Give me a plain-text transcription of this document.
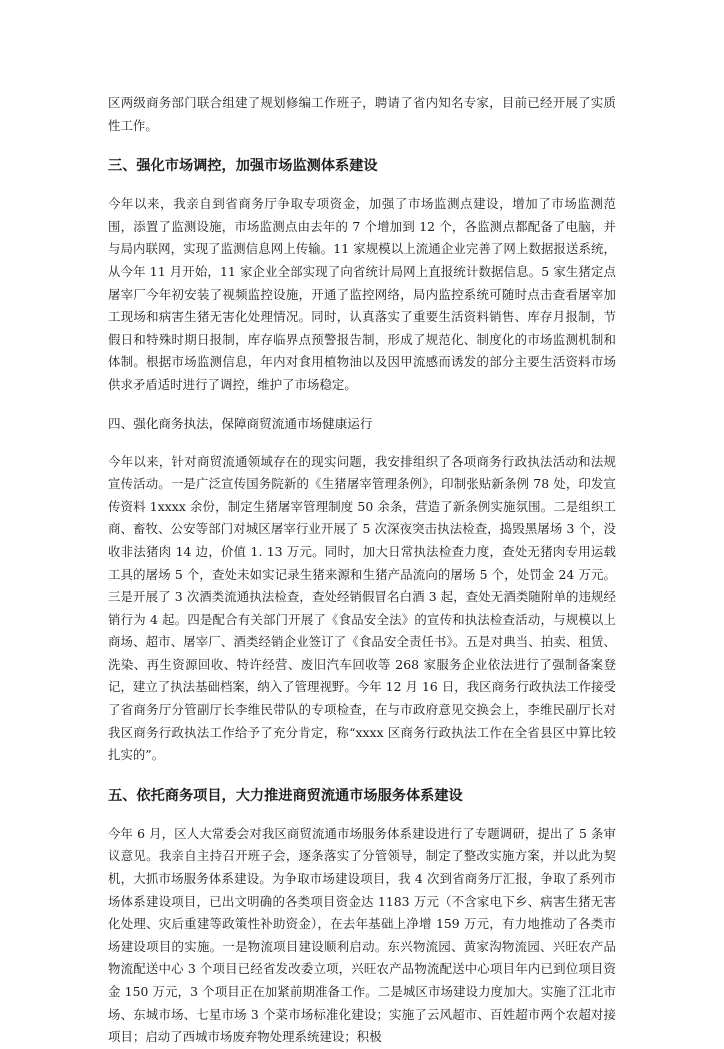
区两级商务部门联合组建了规划修编工作班子，聘请了省内知名专家，目前已经开展了实质性工作。

三、强化市场调控，加强市场监测体系建设

今年以来，我亲自到省商务厅争取专项资金，加强了市场监测点建设，增加了市场监测范围，添置了监测设施，市场监测点由去年的 7 个增加到 12 个，各监测点都配备了电脑，并与局内联网，实现了监测信息网上传输。11 家规模以上流通企业完善了网上数据报送系统，从今年 11 月开始，11 家企业全部实现了向省统计局网上直报统计数据信息。5 家生猪定点屠宰厂今年初安装了视频监控设施，开通了监控网络，局内监控系统可随时点击查看屠宰加工现场和病害生猪无害化处理情况。同时，认真落实了重要生活资料销售、库存月报制，节假日和特殊时期日报制，库存临界点预警报告制，形成了规范化、制度化的市场监测机制和体制。根据市场监测信息，年内对食用植物油以及因甲流感而诱发的部分主要生活资料市场供求矛盾适时进行了调控，维护了市场稳定。

四、强化商务执法，保障商贸流通市场健康运行

今年以来，针对商贸流通领域存在的现实问题，我安排组织了各项商务行政执法活动和法规宣传活动。一是广泛宣传国务院新的《生猪屠宰管理条例》，印制张贴新条例 78 处，印发宣传资料 1xxxx 余份，制定生猪屠宰管理制度 50 余条，营造了新条例实施氛围。二是组织工商、畜牧、公安等部门对城区屠宰行业开展了 5 次深夜突击执法检查，捣毁黑屠场 3 个，没收非法猪肉 14 边，价值 1. 13 万元。同时，加大日常执法检查力度，查处无猪肉专用运载工具的屠场 5 个，查处未如实记录生猪来源和生猪产品流向的屠场 5 个，处罚金 24 万元。三是开展了 3 次酒类流通执法检查，查处经销假冒名白酒 3 起，查处无酒类随附单的违规经销行为 4 起。四是配合有关部门开展了《食品安全法》的宣传和执法检查活动，与规模以上商场、超市、屠宰厂、酒类经销企业签订了《食品安全责任书》。五是对典当、拍卖、租赁、洗染、再生资源回收、特许经营、废旧汽车回收等 268 家服务企业依法进行了强制备案登记，建立了执法基础档案，纳入了管理视野。今年 12 月 16 日，我区商务行政执法工作接受了省商务厅分管副厅长李维民带队的专项检查，在与市政府意见交换会上，李维民副厅长对我区商务行政执法工作给予了充分肯定，称“xxxx 区商务行政执法工作在全省县区中算比较扎实的”。

五、依托商务项目，大力推进商贸流通市场服务体系建设

今年 6 月，区人大常委会对我区商贸流通市场服务体系建设进行了专题调研，提出了 5 条审议意见。我亲自主持召开班子会，逐条落实了分管领导，制定了整改实施方案，并以此为契机，大抓市场服务体系建设。为争取市场建设项目，我 4 次到省商务厅汇报，争取了系列市场体系建设项目，已出文明确的各类项目资金达 1183 万元（不含家电下乡、病害生猪无害化处理、灾后重建等政策性补助资金），在去年基础上净增 159 万元，有力地推动了各类市场建设项目的实施。一是物流项目建设顺利启动。东兴物流园、黄家沟物流园、兴旺农产品物流配送中心 3 个项目已经省发改委立项，兴旺农产品物流配送中心项目年内已到位项目资金 150 万元，3 个项目正在加紧前期准备工作。二是城区市场建设力度加大。实施了江北市场、东城市场、七星市场 3 个菜市场标准化建设；实施了云风超市、百姓超市两个农超对接项目；启动了西城市场废弃物处理系统建设；积极
